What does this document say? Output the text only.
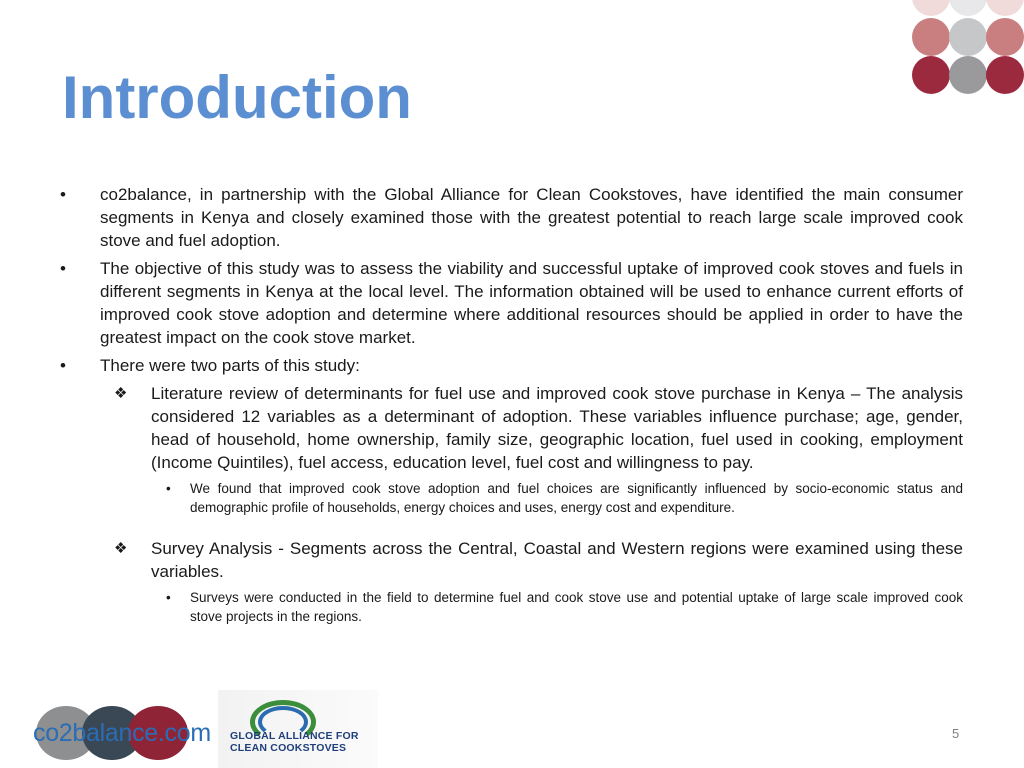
Introduction

• co2balance, in partnership with the Global Alliance for Clean Cookstoves, have identified the main consumer segments in Kenya and closely examined those with the greatest potential to reach large scale improved cook stove and fuel adoption.

• The objective of this study was to assess the viability and successful uptake of improved cook stoves and fuels in different segments in Kenya at the local level. The information obtained will be used to enhance current efforts of improved cook stove adoption and determine where additional resources should be applied in order to have the greatest impact on the cook stove market.

• There were two parts of this study:

❖ Literature review of determinants for fuel use and improved cook stove purchase in Kenya – The analysis considered 12 variables as a determinant of adoption. These variables influence purchase; age, gender, head of household, home ownership, family size, geographic location, fuel used in cooking, employment (Income Quintiles), fuel access, education level, fuel cost and willingness to pay.

• We found that improved cook stove adoption and fuel choices are significantly influenced by socio-economic status and demographic profile of households, energy choices and uses, energy cost and expenditure.

❖ Survey Analysis - Segments across the Central, Coastal and Western regions were examined using these variables.

• Surveys were conducted in the field to determine fuel and cook stove use and potential uptake of large scale improved cook stove projects in the regions.

co2balance.com GLOBAL ALLIANCE FOR
CLEAN COOKSTOVES
5
